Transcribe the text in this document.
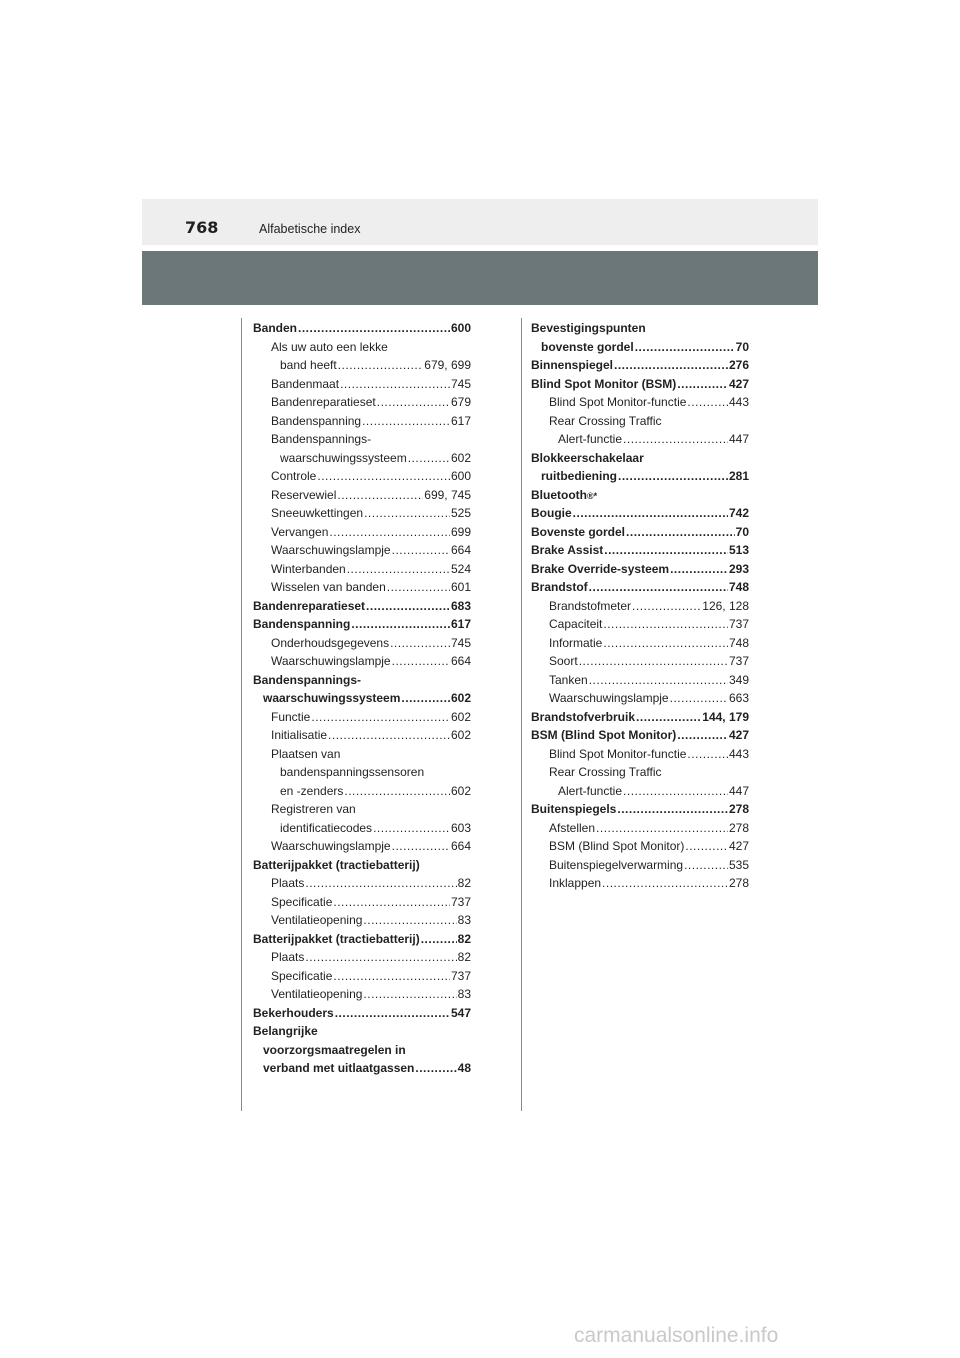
768	Alfabetische index
Banden .....	600
Als uw auto een lekke
band heeft .....	679, 699
Bandenmaat .....	745
Bandenreparatieset .....	679
Bandenspanning .....	617
Bandenspannings-
waarschuwingssysteem .....	602
Controle .....	600
Reservewiel .....	699, 745
Sneeuwkettingen .....	525
Vervangen .....	699
Waarschuwingslampje .....	664
Winterbanden .....	524
Wisselen van banden .....	601
Bandenreparatieset .....	683
Bandenspanning .....	617
Onderhoudsgegevens .....	745
Waarschuwingslampje .....	664
Bandenspannings-
waarschuwingssysteem .....	602
Functie .....	602
Initialisatie .....	602
Plaatsen van
bandenspanningssensoren
en -zenders .....	602
Registreren van
identificatiecodes .....	603
Waarschuwingslampje .....	664
Batterijpakket (tractiebatterij)
Plaats .....	82
Specificatie .....	737
Ventilatieopening .....	83
Batterijpakket (tractiebatterij) .....	82
Plaats .....	82
Specificatie .....	737
Ventilatieopening .....	83
Bekerhouders .....	547
Belangrijke
voorzorgsmaatregelen in
verband met uitlaatgassen .....	48
Bevestigingspunten
bovenste gordel .....	70
Binnenspiegel .....	276
Blind Spot Monitor (BSM) .....	427
Blind Spot Monitor-functie .....	443
Rear Crossing Traffic
Alert-functie .....	447
Blokkeerschakelaar
ruitbediening .....	281
Bluetooth ®*
Bougie .....	742
Bovenste gordel .....	70
Brake Assist .....	513
Brake Override-systeem .....	293
Brandstof .....	748
Brandstofmeter .....	126, 128
Capaciteit .....	737
Informatie .....	748
Soort .....	737
Tanken .....	349
Waarschuwingslampje .....	663
Brandstofverbruik .....	144, 179
BSM (Blind Spot Monitor) .....	427
Blind Spot Monitor-functie .....	443
Rear Crossing Traffic
Alert-functie .....	447
Buitenspiegels .....	278
Afstellen .....	278
BSM (Blind Spot Monitor) .....	427
Buitenspiegelverwarming .....	535
Inklappen .....	278
carmanualsonline.info
